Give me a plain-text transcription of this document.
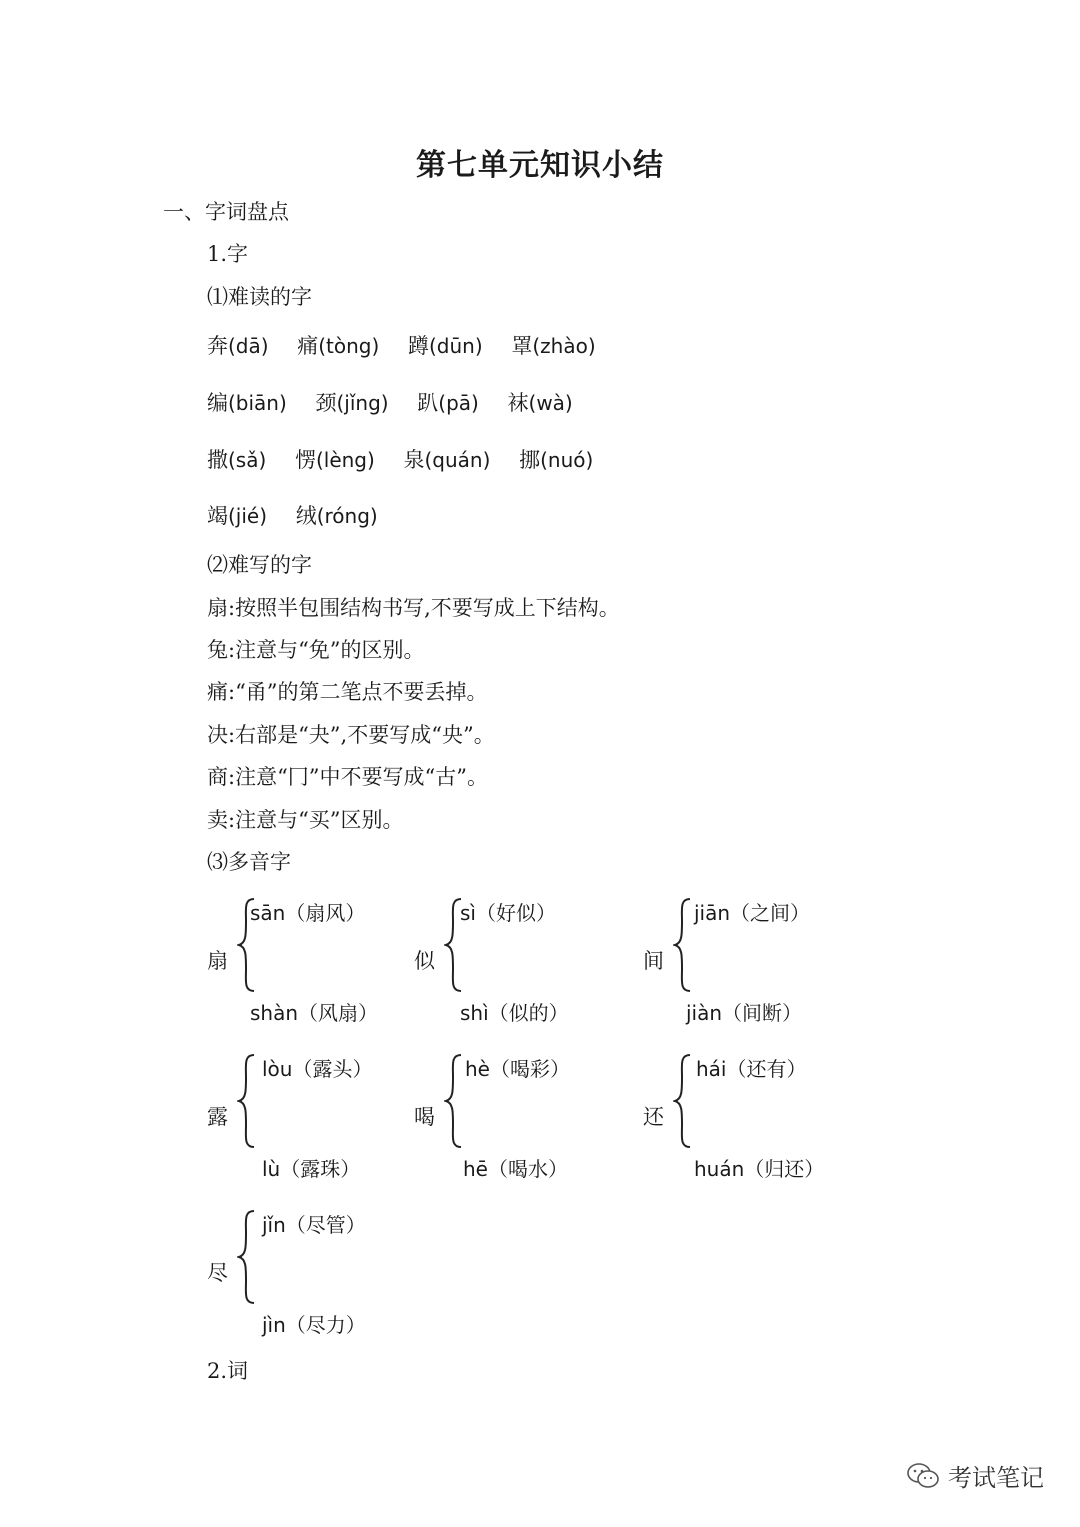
第七单元知识小结
一、字词盘点
1.字
⑴难读的字
奔(dā) 痛(tòng) 蹲(dūn) 罩(zhào)
编(biān) 颈(jǐng) 趴(pā) 袜(wà)
撒(sǎ) 愣(lèng) 泉(quán) 挪(nuó)
竭(jié) 绒(róng)
⑵难写的字
扇:按照半包围结构书写,不要写成上下结构。
兔:注意与“免”的区别。
痛:“甬”的第二笔点不要丢掉。
决:右部是“夬”,不要写成“央”。
商:注意“冂”中不要写成“古”。
卖:注意与“买”区别。
⑶多音字
扇
sān（扇风）
shàn（风扇）
似
sì（好似）
shì（似的）
间
jiān（之间）
jiàn（间断）
露
lòu（露头）
lù（露珠）
喝
hè（喝彩）
hē（喝水）
还
hái（还有）
huán（归还）
尽
jǐn（尽管）
jìn（尽力）
2.词
考试笔记
